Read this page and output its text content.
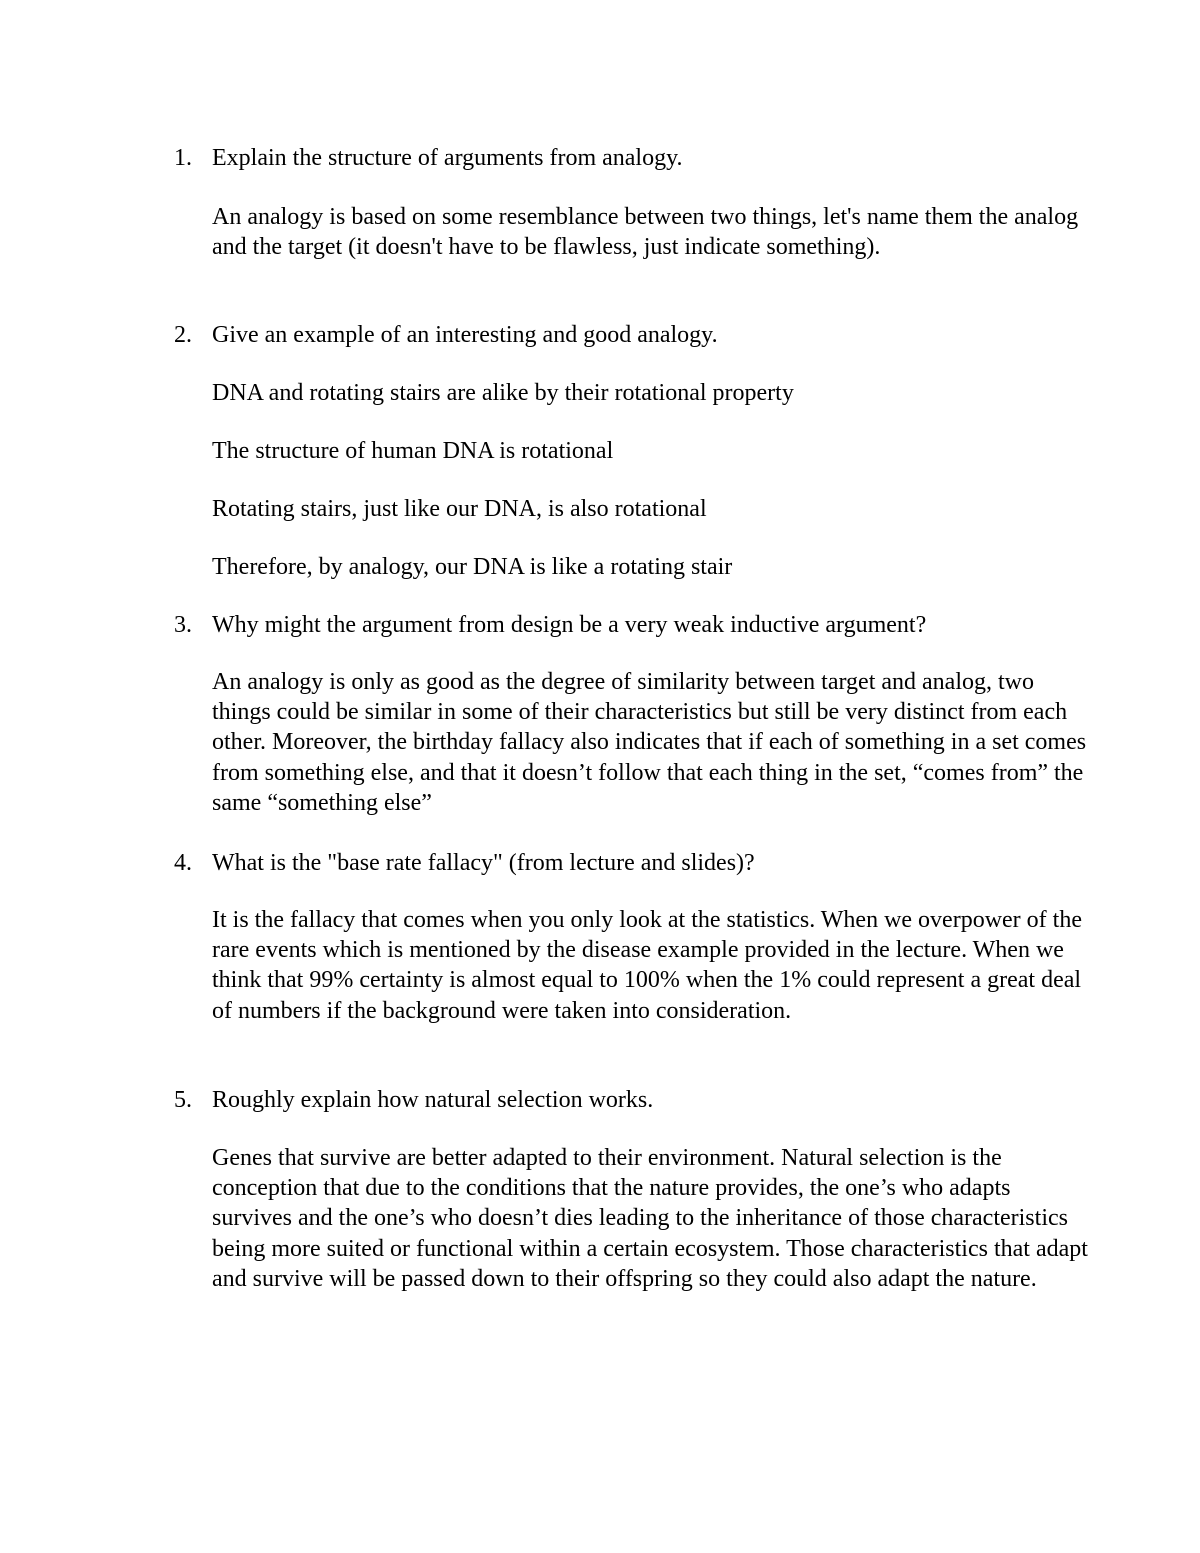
1. Explain the structure of arguments from analogy.

An analogy is based on some resemblance between two things, let's name them the analog and the target (it doesn't have to be flawless, just indicate something).

2. Give an example of an interesting and good analogy.
DNA and rotating stairs are alike by their rotational property
The structure of human DNA is rotational
Rotating stairs, just like our DNA, is also rotational
Therefore, by analogy, our DNA is like a rotating stair
3. Why might the argument from design be a very weak inductive argument?

An analogy is only as good as the degree of similarity between target and analog, two things could be similar in some of their characteristics but still be very distinct from each other. Moreover, the birthday fallacy also indicates that if each of something in a set comes from something else, and that it doesn’t follow that each thing in the set, “comes from” the same “something else”

4. What is the "base rate fallacy" (from lecture and slides)?

It is the fallacy that comes when you only look at the statistics. When we overpower of the rare events which is mentioned by the disease example provided in the lecture. When we think that 99% certainty is almost equal to 100% when the 1% could represent a great deal of numbers if the background were taken into consideration.

5. Roughly explain how natural selection works.

Genes that survive are better adapted to their environment. Natural selection is the conception that due to the conditions that the nature provides, the one’s who adapts survives and the one’s who doesn’t dies leading to the inheritance of those characteristics being more suited or functional within a certain ecosystem. Those characteristics that adapt and survive will be passed down to their offspring so they could also adapt the nature.
